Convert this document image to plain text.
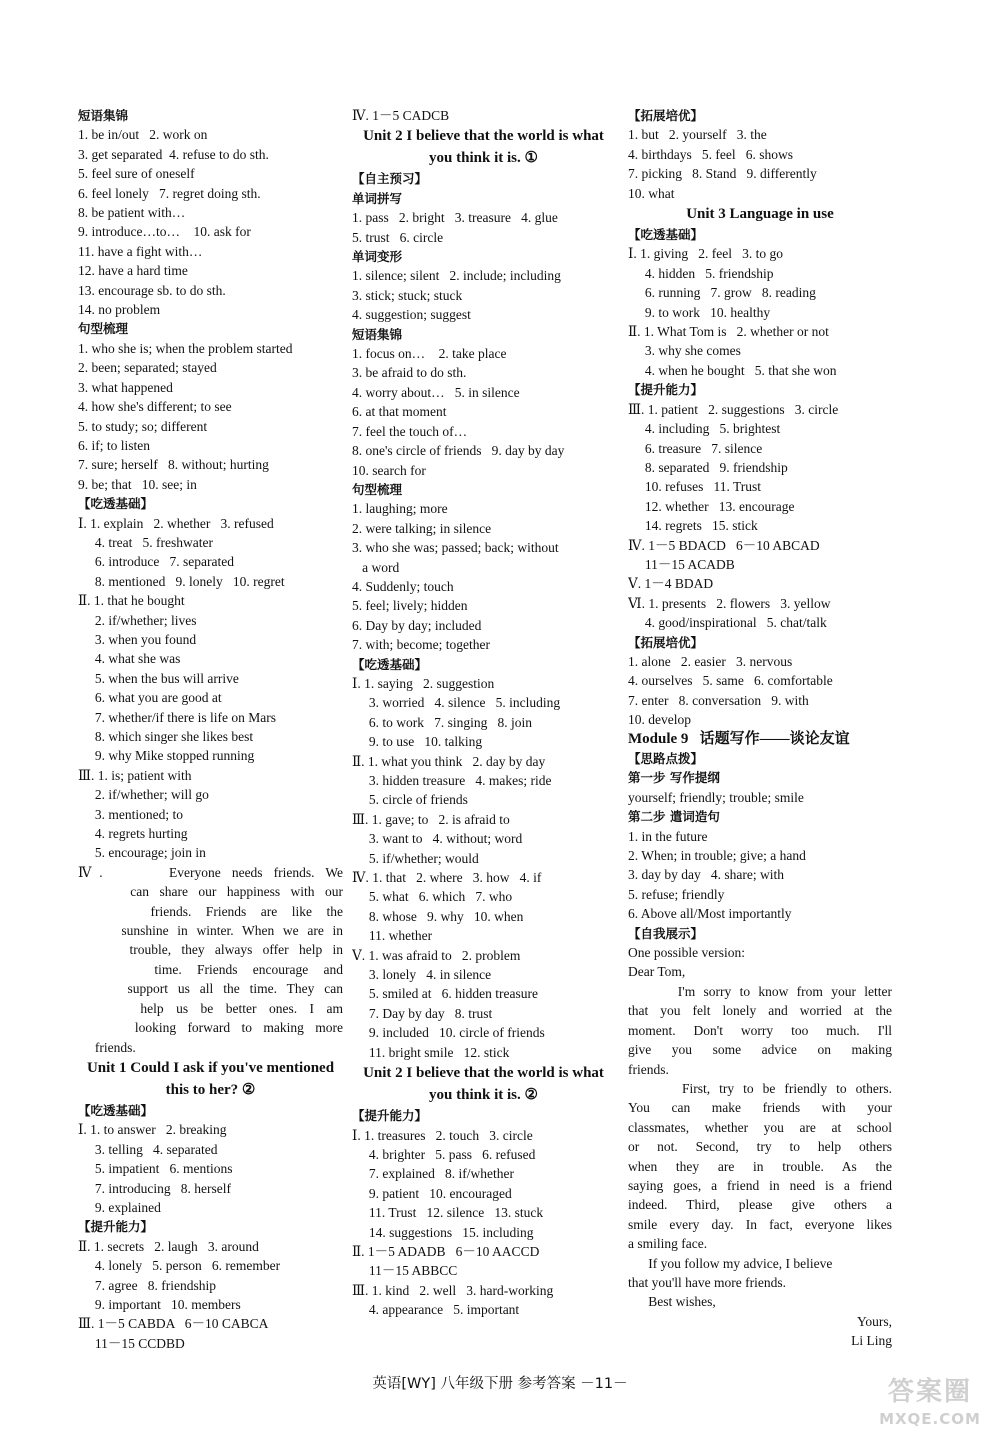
短语集锦
1. be in/out   2. work on
3. get separated  4. refuse to do sth.
5. feel sure of oneself
6. feel lonely   7. regret doing sth.
8. be patient with…
9. introduce…to…    10. ask for
11. have a fight with…
12. have a hard time
13. encourage sb. to do sth.
14. no problem
句型梳理
1. who she is; when the problem started
2. been; separated; stayed
3. what happened
4. how she's different; to see
5. to study; so; different
6. if; to listen
7. sure; herself   8. without; hurting
9. be; that   10. see; in
【吃透基础】
Ⅰ. 1. explain   2. whether   3. refused
4. treat   5. freshwater
6. introduce   7. separated
8. mentioned   9. lonely   10. regret
Ⅱ. 1. that he bought
2. if/whether; lives
3. when you found
4. what she was
5. when the bus will arrive
6. what you are good at
7. whether/if there is life on Mars
8. which singer she likes best
9. why Mike stopped running
Ⅲ. 1. is; patient with
2. if/whether; will go
3. mentioned; to
4. regrets hurting
5. encourage; join in
Ⅳ.      Everyone needs friends. We
can share our happiness with our
friends. Friends are like the
sunshine in winter. When we are in
trouble, they always offer help in
time. Friends encourage and
support us all the time. They can
help us be better ones. I am
looking forward to making more
friends.
Unit 1 Could I ask if you've mentioned this to her? ②
【吃透基础】
Ⅰ. 1. to answer   2. breaking
3. telling   4. separated
5. impatient   6. mentions
7. introducing   8. herself
9. explained
【提升能力】
Ⅱ. 1. secrets   2. laugh   3. around
4. lonely   5. person   6. remember
7. agree   8. friendship
9. important   10. members
Ⅲ. 1－5 CABDA   6－10 CABCA
11－15 CCDBD
Ⅳ. 1－5 CADCB
Unit 2 I believe that the world is what you think it is. ①
【自主预习】
单词拼写
1. pass   2. bright   3. treasure   4. glue
5. trust   6. circle
单词变形
1. silence; silent   2. include; including
3. stick; stuck; stuck
4. suggestion; suggest
短语集锦
1. focus on…    2. take place
3. be afraid to do sth.
4. worry about…   5. in silence
6. at that moment
7. feel the touch of…
8. one's circle of friends   9. day by day
10. search for
句型梳理
1. laughing; more
2. were talking; in silence
3. who she was; passed; back; without
a word
4. Suddenly; touch
5. feel; lively; hidden
6. Day by day; included
7. with; become; together
【吃透基础】
Ⅰ. 1. saying   2. suggestion
3. worried   4. silence   5. including
6. to work   7. singing   8. join
9. to use   10. talking
Ⅱ. 1. what you think   2. day by day
3. hidden treasure   4. makes; ride
5. circle of friends
Ⅲ. 1. gave; to   2. is afraid to
3. want to   4. without; word
5. if/whether; would
Ⅳ. 1. that   2. where   3. how   4. if
5. what   6. which   7. who
8. whose   9. why   10. when
11. whether
Ⅴ. 1. was afraid to   2. problem
3. lonely   4. in silence
5. smiled at   6. hidden treasure
7. Day by day   8. trust
9. included   10. circle of friends
11. bright smile   12. stick
Unit 2 I believe that the world is what you think it is. ②
【提升能力】
Ⅰ. 1. treasures   2. touch   3. circle
4. brighter   5. pass   6. refused
7. explained   8. if/whether
9. patient   10. encouraged
11. Trust   12. silence   13. stuck
14. suggestions   15. including
Ⅱ. 1－5 ADADB   6－10 AACCD
11－15 ABBCC
Ⅲ. 1. kind   2. well   3. hard-working
4. appearance   5. important
【拓展培优】
1. but   2. yourself   3. the
4. birthdays   5. feel   6. shows
7. picking   8. Stand   9. differently
10. what
Unit 3 Language in use
【吃透基础】
Ⅰ. 1. giving   2. feel   3. to go
4. hidden   5. friendship
6. running   7. grow   8. reading
9. to work   10. healthy
Ⅱ. 1. What Tom is   2. whether or not
3. why she comes
4. when he bought   5. that she won
【提升能力】
Ⅲ. 1. patient   2. suggestions   3. circle
4. including   5. brightest
6. treasure   7. silence
8. separated   9. friendship
10. refuses   11. Trust
12. whether   13. encourage
14. regrets   15. stick
Ⅳ. 1－5 BDACD   6－10 ABCAD
11－15 ACADB
Ⅴ. 1－4 BDAD
Ⅵ. 1. presents   2. flowers   3. yellow
4. good/inspirational   5. chat/talk
【拓展培优】
1. alone   2. easier   3. nervous
4. ourselves   5. same   6. comfortable
7. enter   8. conversation   9. with
10. develop
Module 9   话题写作——谈论友谊
【思路点拨】
第一步 写作提纲
yourself; friendly; trouble; smile
第二步 遣词造句
1. in the future
2. When; in trouble; give; a hand
3. day by day   4. share; with
5. refuse; friendly
6. Above all/Most importantly
【自我展示】
One possible version:
Dear Tom,
I'm sorry to know from your letter
that you felt lonely and worried at the
moment. Don't worry too much. I'll
give you some advice on making
friends.
First, try to be friendly to others.
You can make friends with your
classmates, whether you are at school
or not. Second, try to help others
when they are in trouble. As the
saying goes, a friend in need is a friend
indeed. Third, please give others a
smile every day. In fact, everyone likes
a smiling face.
If you follow my advice, I believe
that you'll have more friends.
Best wishes,
Yours,
Li Ling
英语[WY] 八年级下册 参考答案 －11－	答案圈
MXQE.COM
